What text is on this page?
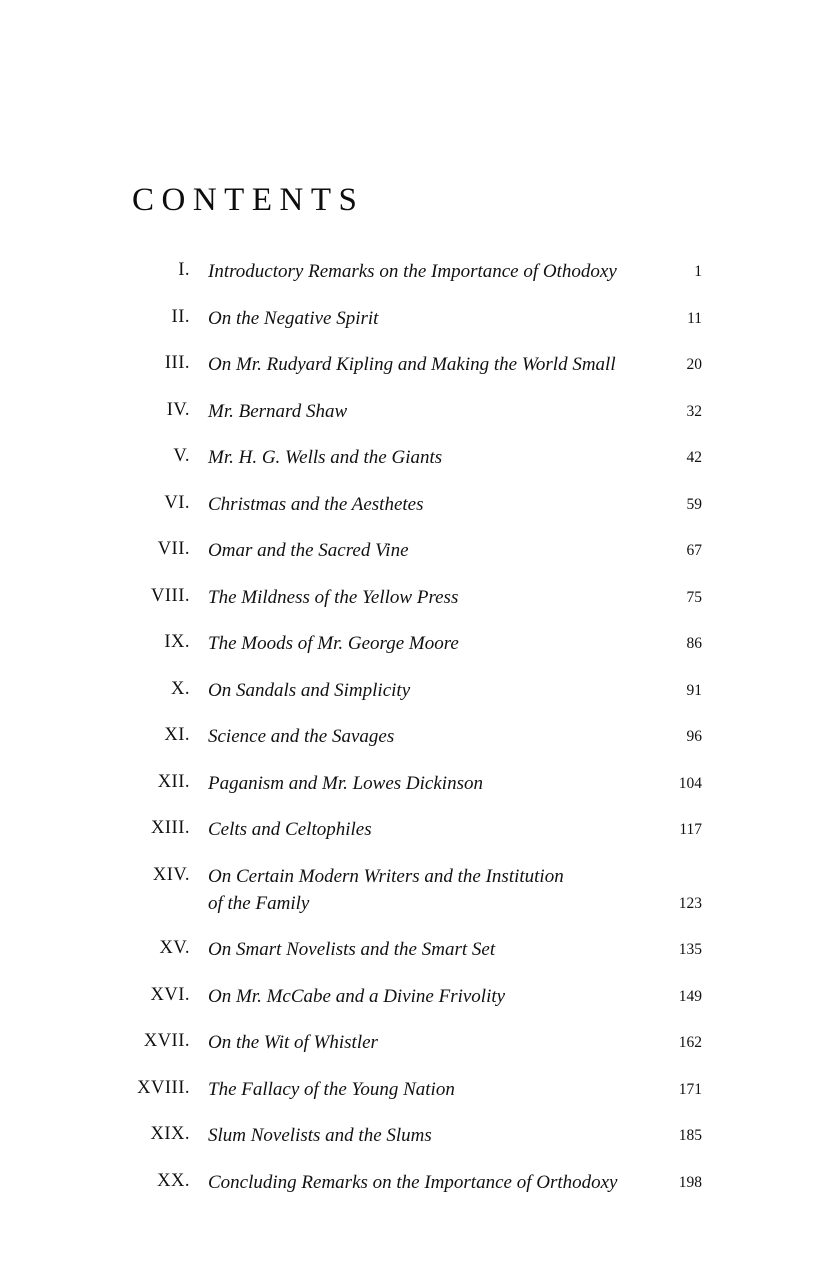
CONTENTS
I. Introductory Remarks on the Importance of Othodoxy	1
II. On the Negative Spirit	11
III. On Mr. Rudyard Kipling and Making the World Small	20
IV. Mr. Bernard Shaw	32
V. Mr. H. G. Wells and the Giants	42
VI. Christmas and the Aesthetes	59
VII. Omar and the Sacred Vine	67
VIII. The Mildness of the Yellow Press	75
IX. The Moods of Mr. George Moore	86
X. On Sandals and Simplicity	91
XI. Science and the Savages	96
XII. Paganism and Mr. Lowes Dickinson	104
XIII. Celts and Celtophiles	117
XIV. On Certain Modern Writers and the Institution
of the Family	123
XV. On Smart Novelists and the Smart Set	135
XVI. On Mr. McCabe and a Divine Frivolity	149
XVII. On the Wit of Whistler	162
XVIII. The Fallacy of the Young Nation	171
XIX. Slum Novelists and the Slums	185
XX. Concluding Remarks on the Importance of Orthodoxy	198
